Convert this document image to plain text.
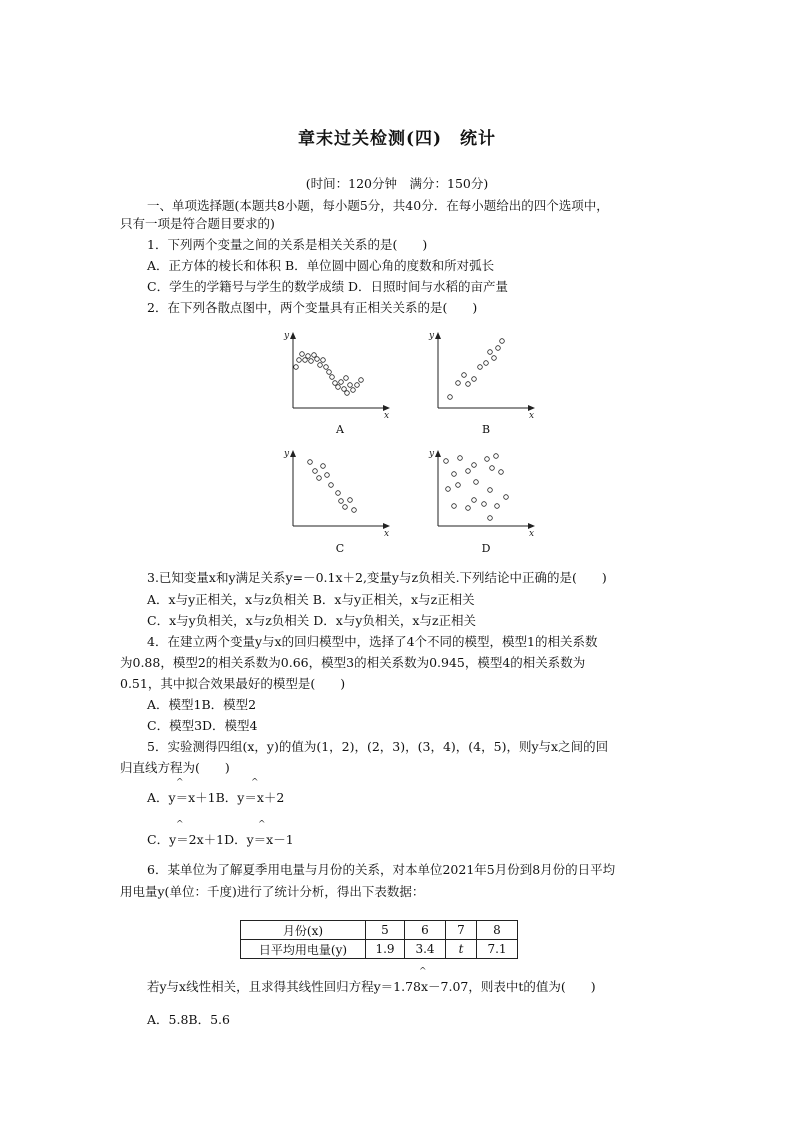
章末过关检测(四)　统计
(时间：120分钟　满分：150分)
一、单项选择题(本题共8小题，每小题5分，共40分．在每小题给出的四个选项中，
只有一项是符合题目要求的)
1．下列两个变量之间的关系是相关关系的是(　　)
A．正方体的棱长和体积 B．单位圆中圆心角的度数和所对弧长
C．学生的学籍号与学生的数学成绩 D．日照时间与水稻的亩产量
2．在下列各散点图中，两个变量具有正相关关系的是(　　)
y
x
A
y
x
B
y
x
C
y
x
D
3.已知变量x和y满足关系y=－0.1x＋2,变量y与z负相关.下列结论中正确的是(　　)
A．x与y正相关，x与z负相关 B．x与y正相关，x与z正相关
C．x与y负相关，x与z负相关 D．x与y负相关，x与z正相关
4．在建立两个变量y与x的回归模型中，选择了4个不同的模型，模型1的相关系数
为0.88，模型2的相关系数为0.66，模型3的相关系数为0.945，模型4的相关系数为
0.51，其中拟合效果最好的模型是(　　)
A．模型1B．模型2
C．模型3D．模型4
5．实验测得四组(x，y)的值为(1，2)，(2，3)，(3，4)，(4，5)，则y与x之间的回
归直线方程为(　　)
^	^
A．y＝x＋1B．y＝x＋2
^	^
C．y＝2x＋1D．y＝x－1
6．某单位为了解夏季用电量与月份的关系，对本单位2021年5月份到8月份的日平均
用电量y(单位：千度)进行了统计分析，得出下表数据：
月份(x)	5	6	7	8
日平均用电量(y)	1.9	3.4	t	7.1
^
若y与x线性相关，且求得其线性回归方程y＝1.78x－7.07，则表中t的值为(　　)
A．5.8B．5.6
